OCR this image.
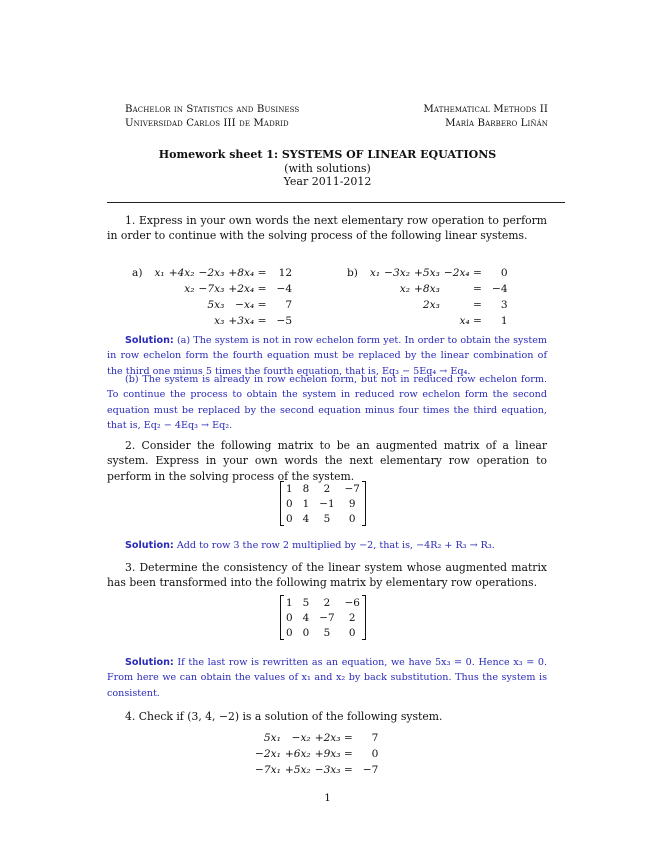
Bachelor in Statistics and Business
Universidad Carlos III de Madrid
Mathematical Methods II
María Barbero Liñán
Homework sheet 1: SYSTEMS OF LINEAR EQUATIONS
(with solutions)
Year 2011-2012
1. Express in your own words the next elementary row operation to perform in order to continue with the solving process of the following linear systems.
a)	x₁	+4x₂	−2x₃	+8x₄ =	12
		x₂	−7x₃	+2x₄ =	−4
			5x₃	−x₄ =	7
			x₃	+3x₄ =	−5
b)	x₁	−3x₂	+5x₃	−2x₄ =	0
		x₂	+8x₃	=	−4
			2x₃	=	3
				x₄ =	1
Solution: (a) The system is not in row echelon form yet. In order to obtain the system in row echelon form the fourth equation must be replaced by the linear combination of the third one minus 5 times the fourth equation, that is, Eq₃ − 5Eq₄ → Eq₄.
(b) The system is already in row echelon form, but not in reduced row echelon form. To continue the process to obtain the system in reduced row echelon form the second equation must be replaced by the second equation minus four times the third equation, that is, Eq₂ − 4Eq₃ → Eq₂.
2. Consider the following matrix to be an augmented matrix of a linear system. Express in your own words the next elementary row operation to perform in the solving process of the system.
1	8	2	−7
0	1	−1	9
0	4	5	0
Solution: Add to row 3 the row 2 multiplied by −2, that is, −4R₂ + R₃ → R₃.
3. Determine the consistency of the linear system whose augmented matrix has been transformed into the following matrix by elementary row operations.
1	5	2	−6
0	4	−7	2
0	0	5	0
Solution: If the last row is rewritten as an equation, we have 5x₃ = 0. Hence x₃ = 0. From here we can obtain the values of x₁ and x₂ by back substitution. Thus the system is consistent.
4. Check if (3, 4, −2) is a solution of the following system.
5x₁	−x₂	+2x₃ =	7
−2x₁	+6x₂	+9x₃ =	0
−7x₁	+5x₂	−3x₃ =	−7
1
